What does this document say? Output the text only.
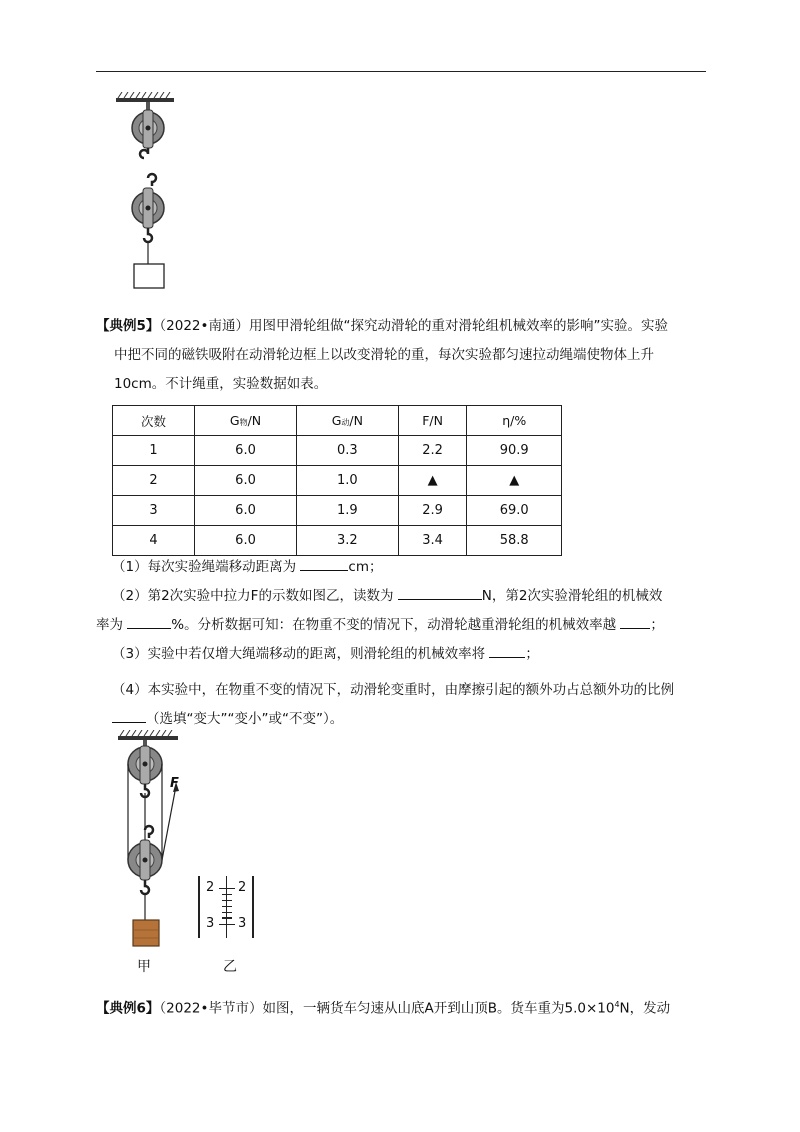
【典例5】（2022•南通）用图甲滑轮组做“探究动滑轮的重对滑轮组机械效率的影响”实验。实验
中把不同的磁铁吸附在动滑轮边框上以改变滑轮的重，每次实验都匀速拉动绳端使物体上升
10cm。不计绳重，实验数据如表。
次数	G物/N	G动/N	F/N	η/%
1	6.0	0.3	2.2	90.9
2	6.0	1.0	▲	▲
3	6.0	1.9	2.9	69.0
4	6.0	3.2	3.4	58.8
（1）每次实验绳端移动距离为	cm；
（2）第2次实验中拉力F的示数如图乙，读数为	N，第2次实验滑轮组的机械效
率为	%。分析数据可知：在物重不变的情况下，动滑轮越重滑轮组的机械效率越 ；
（3）实验中若仅增大绳端移动的距离，则滑轮组的机械效率将	；
（4）本实验中，在物重不变的情况下，动滑轮变重时，由摩擦引起的额外功占总额外功的比例
（选填“变大”“变小”或“不变”）。
F
2 2
3 3
甲	乙
【典例6】（2022•毕节市）如图，一辆货车匀速从山底A开到山顶B。货车重为$5.0\times 10^4N$，发动
